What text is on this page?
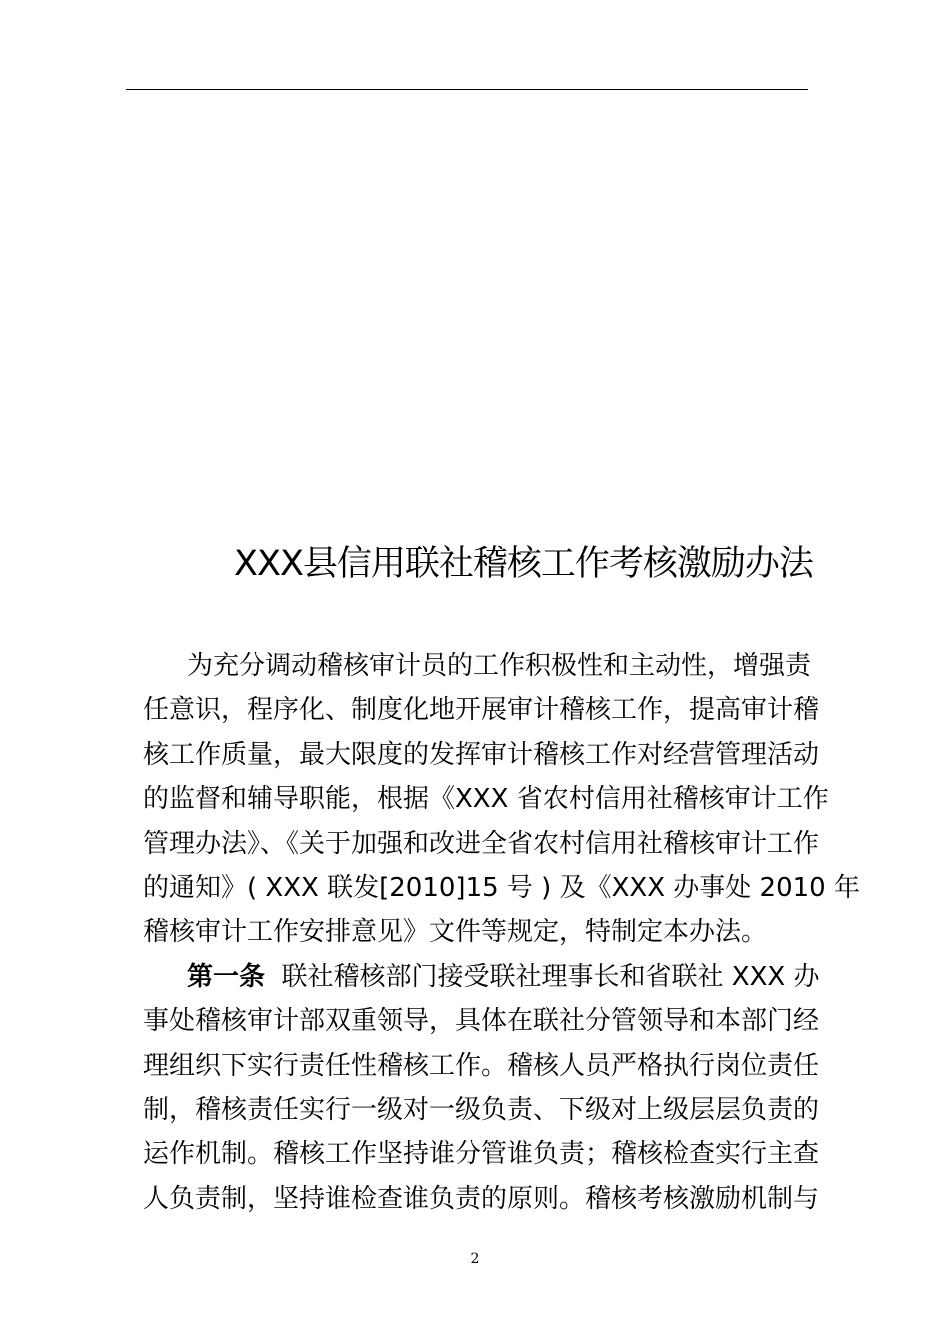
XXX县信用联社稽核工作考核激励办法
为充分调动稽核审计员的工作积极性和主动性，增强责
任意识，程序化、制度化地开展审计稽核工作，提高审计稽
核工作质量，最大限度的发挥审计稽核工作对经营管理活动
的监督和辅导职能，根据《XXX 省农村信用社稽核审计工作
管理办法》、《关于加强和改进全省农村信用社稽核审计工作
的通知》( XXX 联发[2010]15 号 ) 及《XXX 办事处 2010 年
稽核审计工作安排意见》文件等规定，特制定本办法。
第一条 联社稽核部门接受联社理事长和省联社 XXX 办
事处稽核审计部双重领导，具体在联社分管领导和本部门经
理组织下实行责任性稽核工作。稽核人员严格执行岗位责任
制，稽核责任实行一级对一级负责、下级对上级层层负责的
运作机制。稽核工作坚持谁分管谁负责；稽核检查实行主查
人负责制，坚持谁检查谁负责的原则。稽核考核激励机制与
2
